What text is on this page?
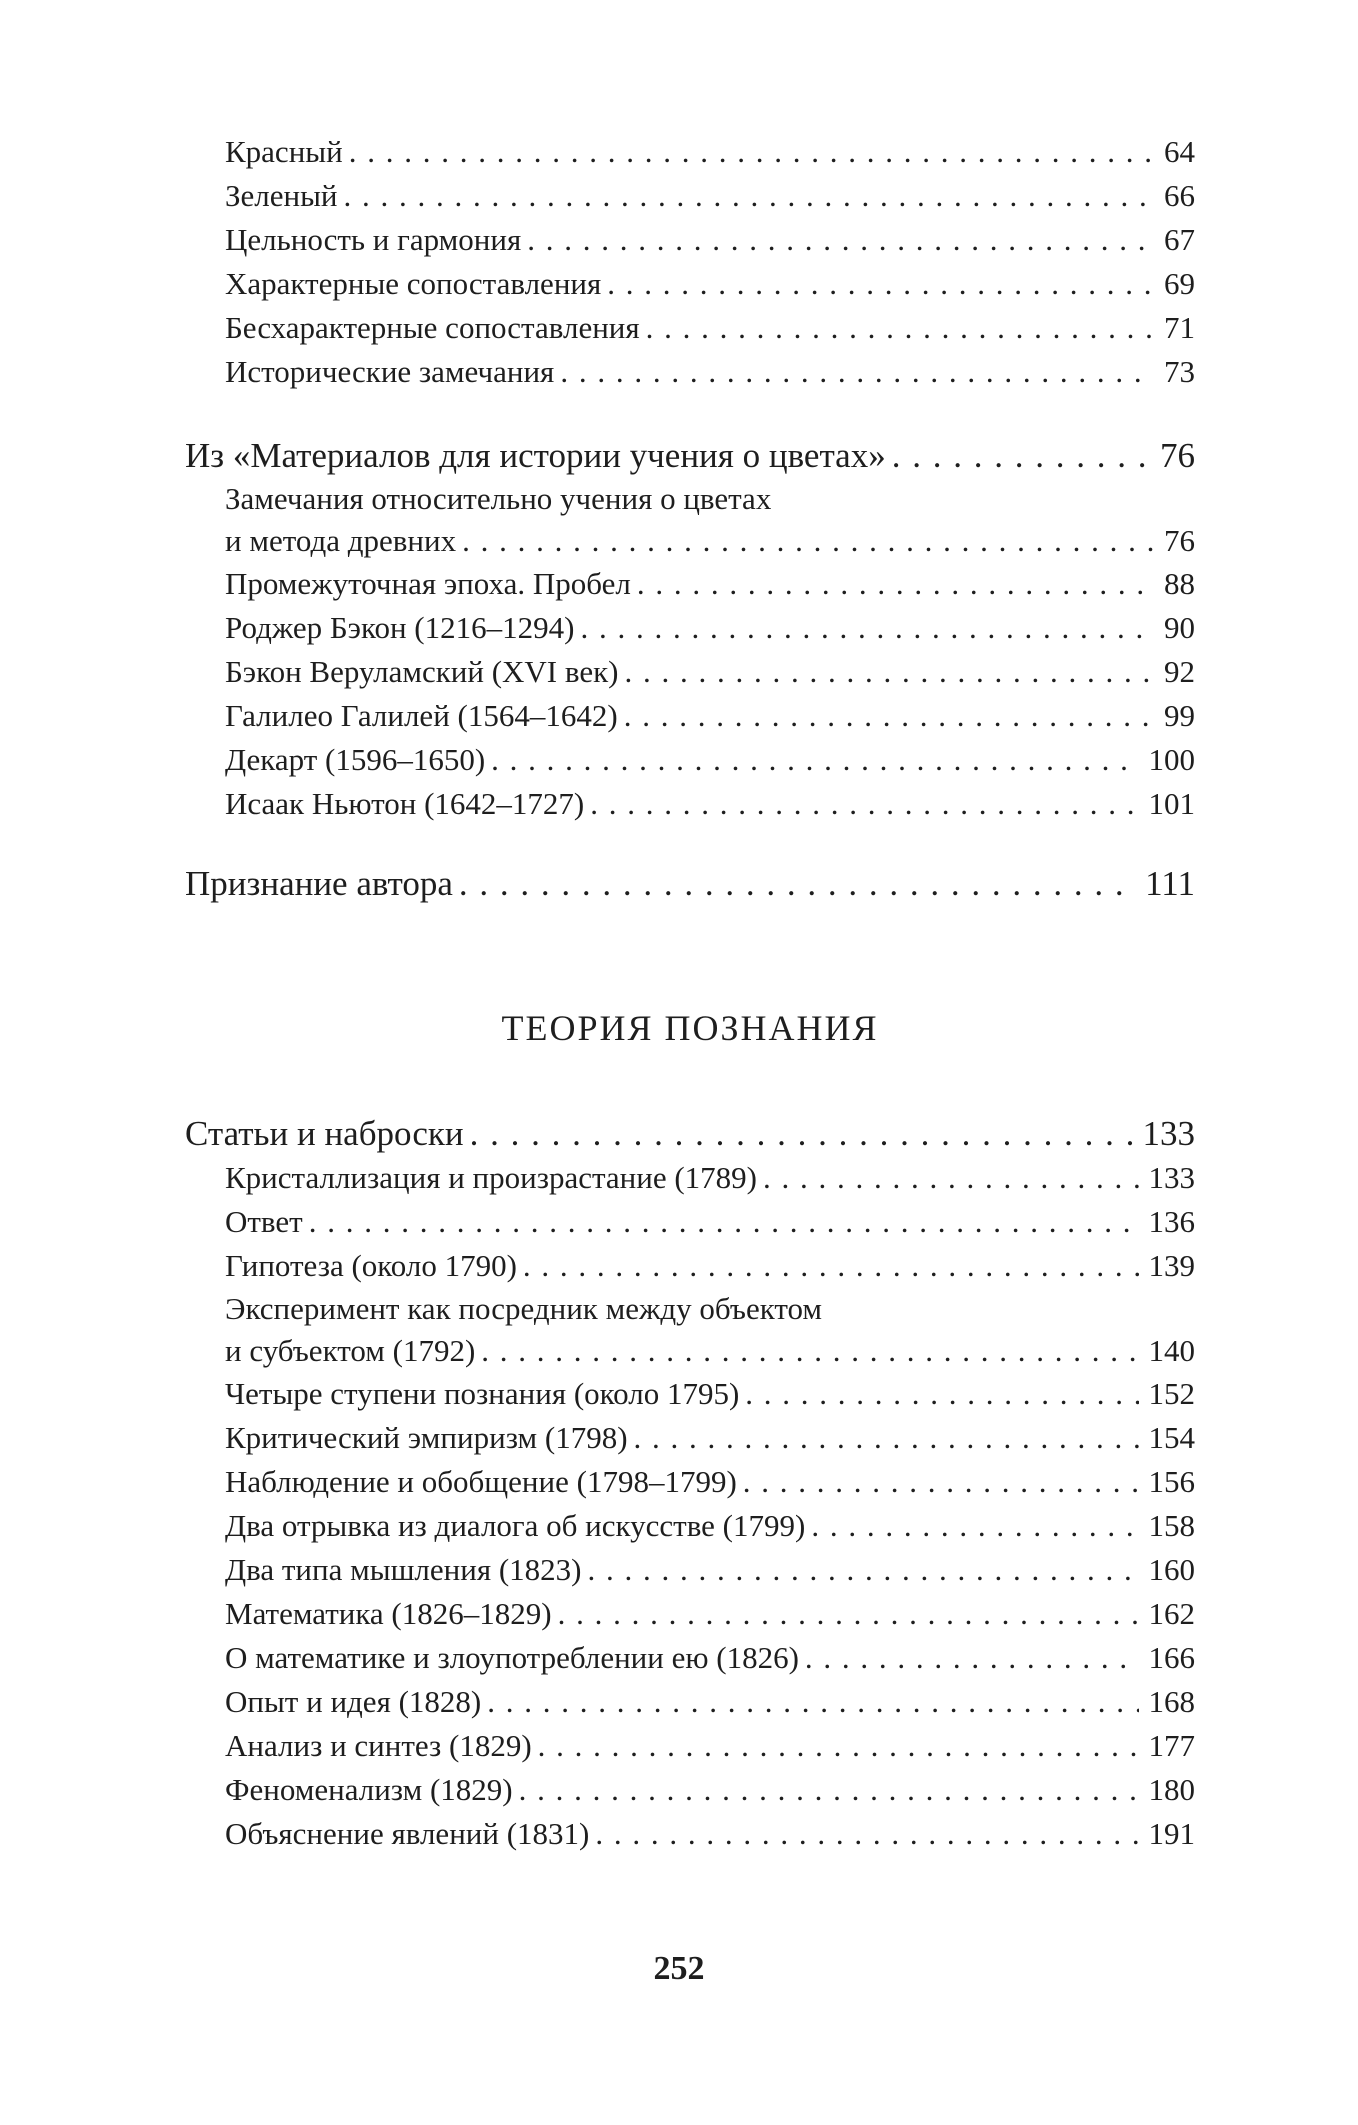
Красный . . .	64
Зеленый . . .	66
Цельность и гармония . . .	67
Характерные сопоставления . . .	69
Бесхарактерные сопоставления . . .	71
Исторические замечания . . .	73
Из «Материалов для истории учения о цветах» . . .	76
Замечания относительно учения о цветах
и метода древних . . .	76
Промежуточная эпоха. Пробел . . .	88
Роджер Бэкон (1216–1294) . . .	90
Бэкон Веруламский (XVI век) . . .	92
Галилео Галилей (1564–1642) . . .	99
Декарт (1596–1650) . . .	100
Исаак Ньютон (1642–1727) . . .	101
Признание автора . . .	111
ТЕОРИЯ ПОЗНАНИЯ
Статьи и наброски . . .	133
Кристаллизация и произрастание (1789) . . .	133
Ответ . . .	136
Гипотеза (около 1790) . . .	139
Эксперимент как посредник между объектом
и субъектом (1792) . . .	140
Четыре ступени познания (около 1795) . . .	152
Критический эмпиризм (1798) . . .	154
Наблюдение и обобщение (1798–1799) . . .	156
Два отрывка из диалога об искусстве (1799) . . .	158
Два типа мышления (1823) . . .	160
Математика (1826–1829) . . .	162
О математике и злоупотреблении ею (1826) . . .	166
Опыт и идея (1828) . . .	168
Анализ и синтез (1829) . . .	177
Феноменализм (1829) . . .	180
Объяснение явлений (1831) . . .	191
252
